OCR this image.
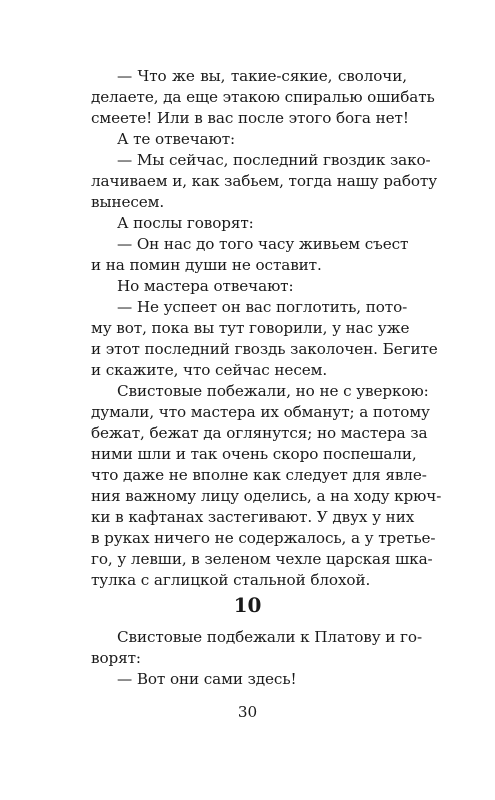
— Что же вы, такие-сякие, сволочи,
делаете, да еще этакою спиралью ошибать
смеете! Или в вас после этого бога нет!
А те отвечают:
— Мы сейчас, последний гвоздик зако-
лачиваем и, как забьем, тогда нашу работу
вынесем.
А послы говорят:
— Он нас до того часу живьем съест
и на помин души не оставит.
Но мастера отвечают:
— Не успеет он вас поглотить, пото-
му вот, пока вы тут говорили, у нас уже
и этот последний гвоздь заколочен. Бегите
и скажите, что сейчас несем.
Свистовые побежали, но не с уверкою:
думали, что мастера их обманут; а потому
бежат, бежат да оглянутся; но мастера за
ними шли и так очень скоро поспешали,
что даже не вполне как следует для явле-
ния важному лицу оделись, а на ходу крюч-
ки в кафтанах застегивают. У двух у них
в руках ничего не содержалось, а у третье-
го, у левши, в зеленом чехле царская шка-
тулка с аглицкой стальной блохой.
10
Свистовые подбежали к Платову и го-
ворят:
— Вот они сами здесь!
30
